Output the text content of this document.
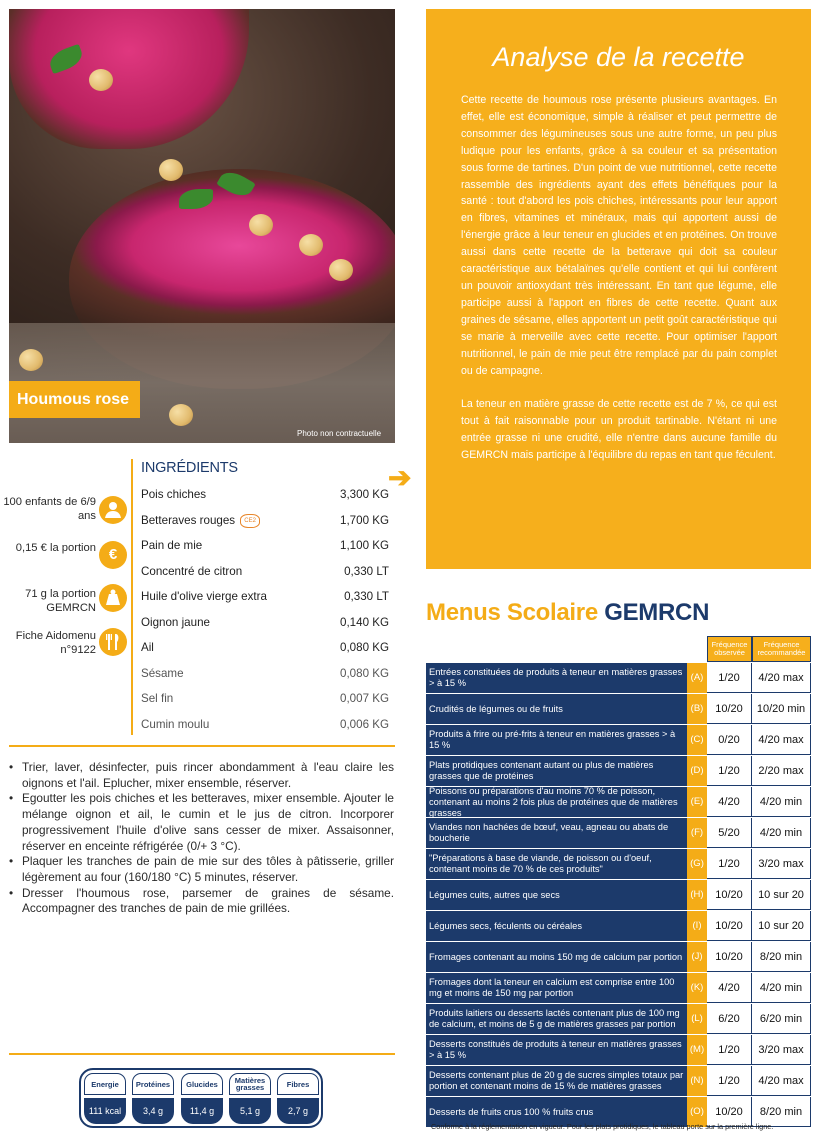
Houmous rose
Photo non contractuelle
Analyse de la recette

Cette recette de houmous rose présente plusieurs avantages. En effet, elle est économique, simple à réaliser et peut permettre de consommer des légumineuses sous une autre forme, un peu plus ludique pour les enfants, grâce à sa couleur et sa présentation sous forme de tartines. D'un point de vue nutritionnel, cette recette rassemble des ingrédients ayant des effets bénéfiques pour la santé : tout d'abord les pois chiches, intéressants pour leur apport en fibres, vitamines et minéraux, mais qui apportent aussi de l'énergie grâce à leur teneur en glucides et en protéines. On trouve aussi dans cette recette de la betterave qui doit sa couleur caractéristique aux bétalaïnes qu'elle contient et qui lui confèrent un pouvoir antioxydant très intéressant. En tant que légume, elle participe aussi à l'apport en fibres de cette recette. Quant aux graines de sésame, elles apportent un petit goût caractéristique qui se marie à merveille avec cette recette. Pour optimiser l'apport nutritionnel, le pain de mie peut être remplacé par du pain complet ou de campagne.

La teneur en matière grasse de cette recette est de 7 %, ce qui est tout à fait raisonnable pour un produit tartinable. N'étant ni une entrée grasse ni une crudité, elle n'entre dans aucune famille du GEMRCN mais participe à l'équilibre du repas en tant que féculent.

➔
100 enfants de 6/9 ans
0,15 € la portion €
71 g la portion GEMRCN
Fiche Aidomenu n°9122
INGRÉDIENTS
Pois chiches	3,300 KG
Betteraves rouges CE2	1,700 KG
Pain de mie	1,100 KG
Concentré de citron	0,330 LT
Huile d'olive vierge extra	0,330 LT
Oignon jaune	0,140 KG
Ail	0,080 KG
Sésame	0,080 KG
Sel fin	0,007 KG
Cumin moulu	0,006 KG
• Trier, laver, désinfecter, puis rincer abondamment à l'eau claire les oignons et l'ail. Eplucher, mixer ensemble, réserver.
• Egoutter les pois chiches et les betteraves, mixer ensemble. Ajouter le mélange oignon et ail, le cumin et le jus de citron. Incorporer progressivement l'huile d'olive sans cesser de mixer. Assaisonner, réserver en enceinte réfrigérée (0/+ 3 °C).
• Plaquer les tranches de pain de mie sur des tôles à pâtisserie, griller légèrement au four (160/180 °C) 5 minutes, réserver.
• Dresser l'houmous rose, parsemer de graines de sésame. Accompagner des tranches de pain de mie grillées.
Energie
111 kcal
Protéines
3,4 g
Glucides
11,4 g
Matières grasses
5,1 g
Fibres
2,7 g
Menus Scolaire GEMRCN
Fréquence observée
Fréquence recommandée
Entrées constituées de produits à teneur en matières grasses > à 15 %	(A)	1/20	4/20 max
Crudités de légumes ou de fruits	(B)	10/20	10/20 min
Produits à frire ou pré-frits à teneur en matières grasses > à 15 %	(C)	0/20	4/20 max
Plats protidiques contenant autant ou plus de matières grasses que de protéines	(D)	1/20	2/20 max
Poissons ou préparations d'au moins 70 % de poisson, contenant au moins 2 fois plus de protéines que de matières grasses
(E)	4/20	4/20 min
Viandes non hachées de bœuf, veau, agneau ou abats de boucherie	(F)	5/20	4/20 min
"Préparations à base de viande, de poisson ou d'oeuf, contenant moins de 70 % de ces produits"	(G)	1/20	3/20 max
Légumes cuits, autres que secs	(H)	10/20	10 sur 20
Légumes secs, féculents ou céréales	(I)	10/20	10 sur 20
Fromages contenant au moins 150 mg de calcium par portion (J)	10/20	8/20 min
Fromages dont la teneur en calcium est comprise entre 100 mg et moins de 150 mg par portion	(K)	4/20	4/20 min
Produits laitiers ou desserts lactés contenant plus de 100 mg de calcium, et moins de 5 g de matières grasses par portion	(L)	6/20	6/20 min
Desserts constitués de produits à teneur en matières grasses > à 15 %	(M)	1/20	3/20 max
Desserts contenant plus de 20 g de sucres simples totaux par portion et contenant moins de 15 % de matières grasses	(N)	1/20	4/20 max
Desserts de fruits crus 100 % fruits crus	(O)	10/20	8/20 min
Conforme à la réglementation en vigueur. Pour les plats protidiques, le tableau porte sur la première ligne.
